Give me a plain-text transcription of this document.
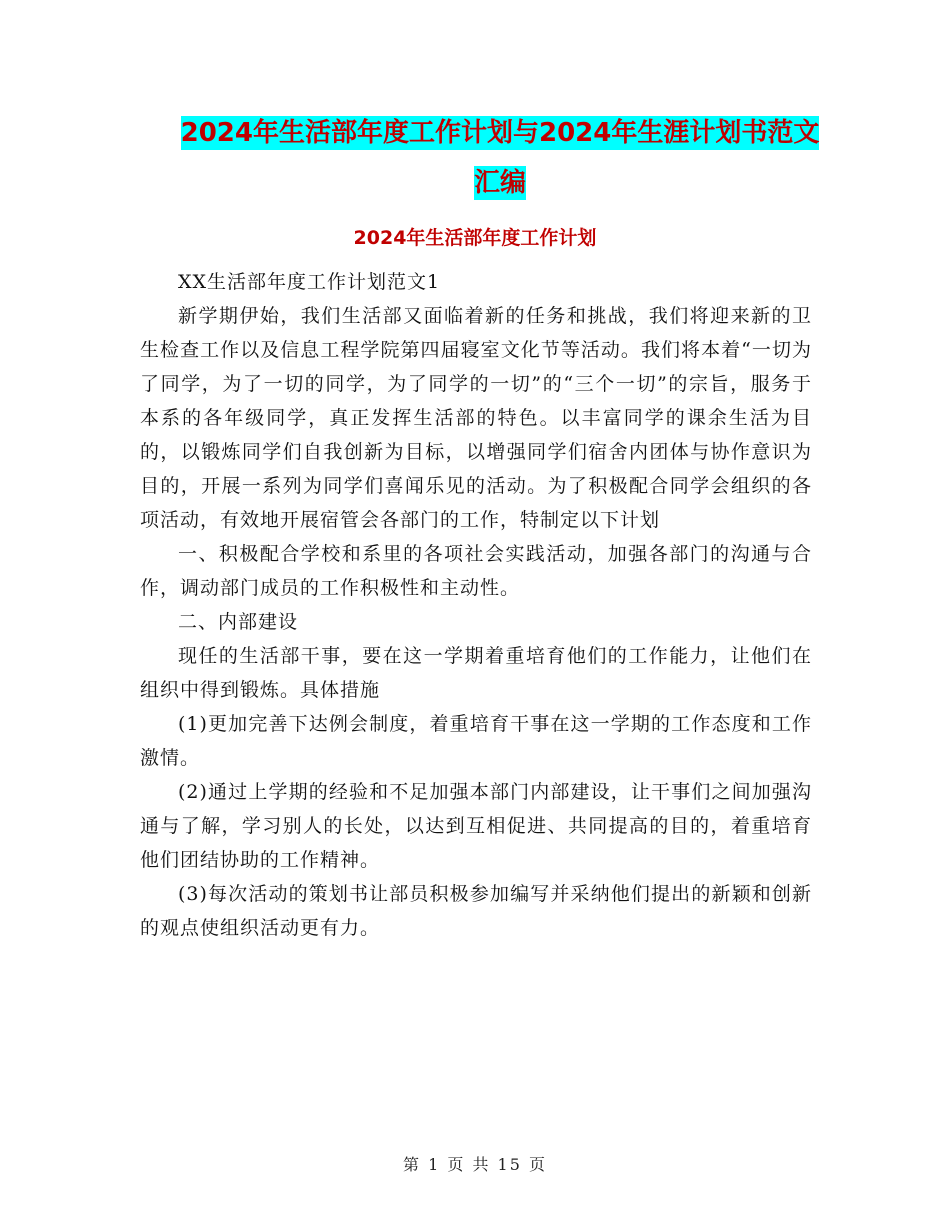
2024年生活部年度工作计划与2024年生涯计划书范文
汇编
2024年生活部年度工作计划

XX生活部年度工作计划范文1

新学期伊始，我们生活部又面临着新的任务和挑战，我们将迎来新的卫生检查工作以及信息工程学院第四届寝室文化节等活动。我们将本着“一切为了同学，为了一切的同学，为了同学的一切”的“三个一切”的宗旨，服务于本系的各年级同学，真正发挥生活部的特色。以丰富同学的课余生活为目的，以锻炼同学们自我创新为目标，以增强同学们宿舍内团体与协作意识为目的，开展一系列为同学们喜闻乐见的活动。为了积极配合同学会组织的各项活动，有效地开展宿管会各部门的工作，特制定以下计划

一、积极配合学校和系里的各项社会实践活动，加强各部门的沟通与合作，调动部门成员的工作积极性和主动性。

二、内部建设

现任的生活部干事，要在这一学期着重培育他们的工作能力，让他们在组织中得到锻炼。具体措施

(1)更加完善下达例会制度，着重培育干事在这一学期的工作态度和工作激情。

(2)通过上学期的经验和不足加强本部门内部建设，让干事们之间加强沟通与了解，学习别人的长处，以达到互相促进、共同提高的目的，着重培育他们团结协助的工作精神。

(3)每次活动的策划书让部员积极参加编写并采纳他们提出的新颖和创新的观点使组织活动更有力。

第 1 页 共 15 页
